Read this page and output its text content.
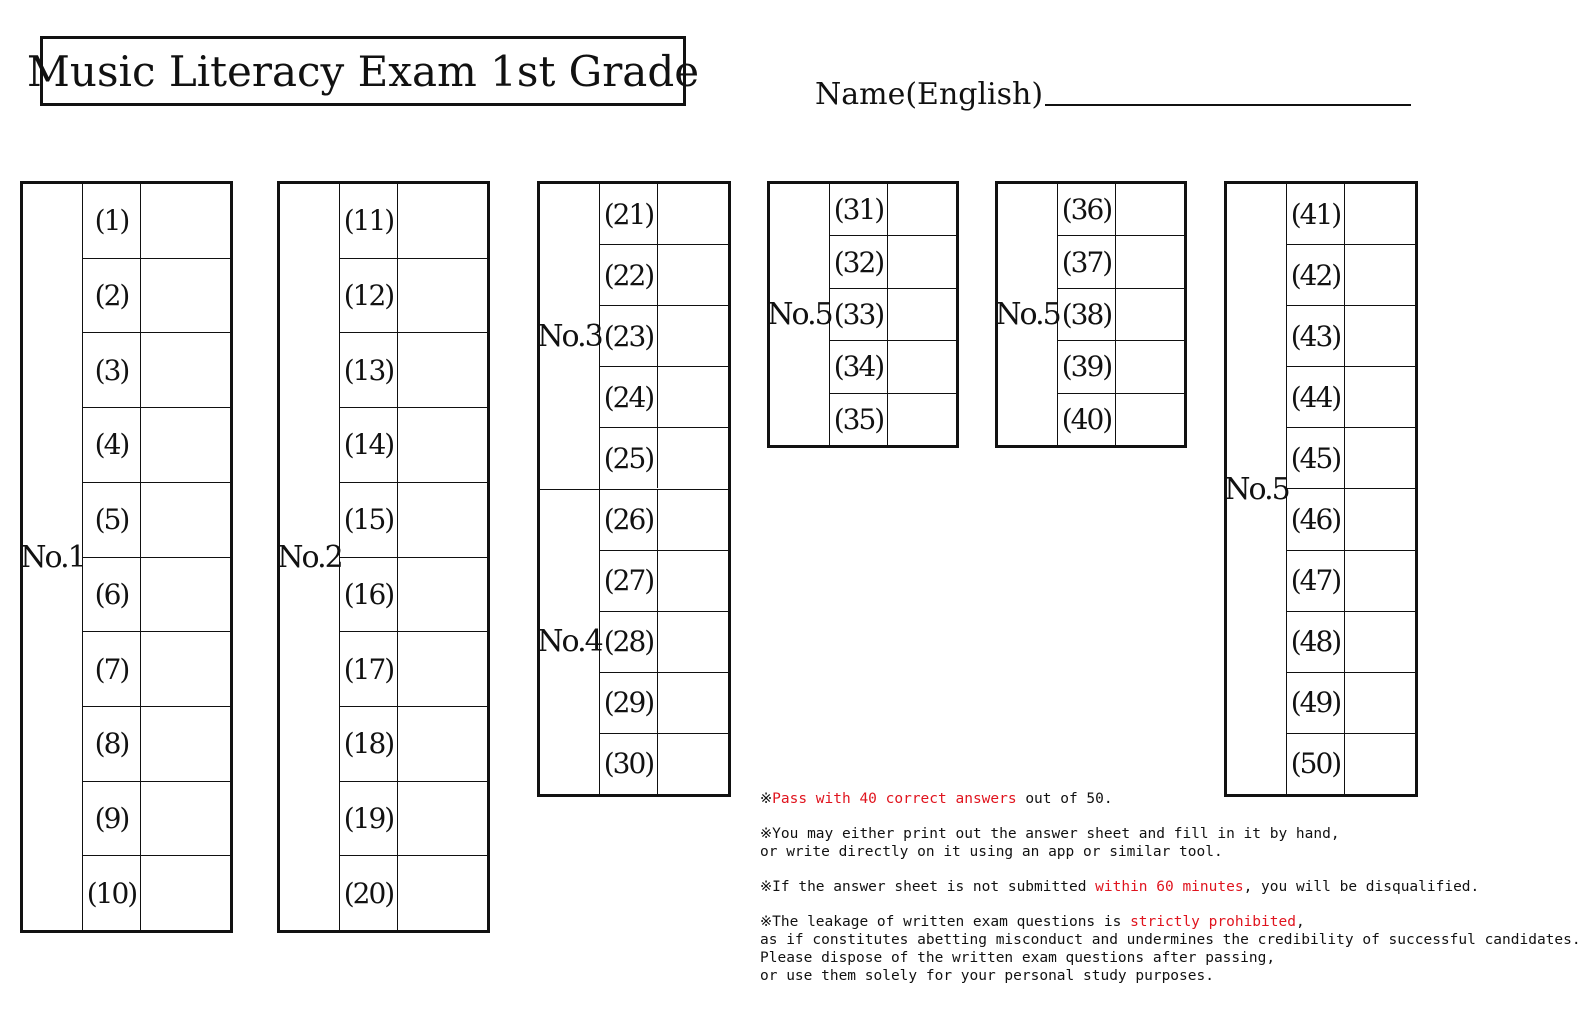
Music Literacy Exam 1st Grade	Name(English)
No.1
(1)
(2)
(3)
(4)
(5)
(6)
(7)
(8)
(9)
(10)
No.2
(11)
(12)
(13)
(14)
(15)
(16)
(17)
(18)
(19)
(20)
No.3
(21)
(22)
(23)
(24)
(25)
No.4
(26)
(27)
(28)
(29)
(30)
No.5
(31)
(32)
(33)
(34)
(35)
No.5
(36)
(37)
(38)
(39)
(40)
No.5
(41)
(42)
(43)
(44)
(45)
(46)
(47)
(48)
(49)
(50)
※Pass with 40 correct answers out of 50.
※You may either print out the answer sheet and fill in it by hand,
or write directly on it using an app or similar tool.
※If the answer sheet is not submitted within 60 minutes, you will be disqualified.
※The leakage of written exam questions is strictly prohibited,
as if constitutes abetting misconduct and undermines the credibility of successful candidates.
Please dispose of the written exam questions after passing,
or use them solely for your personal study purposes.
